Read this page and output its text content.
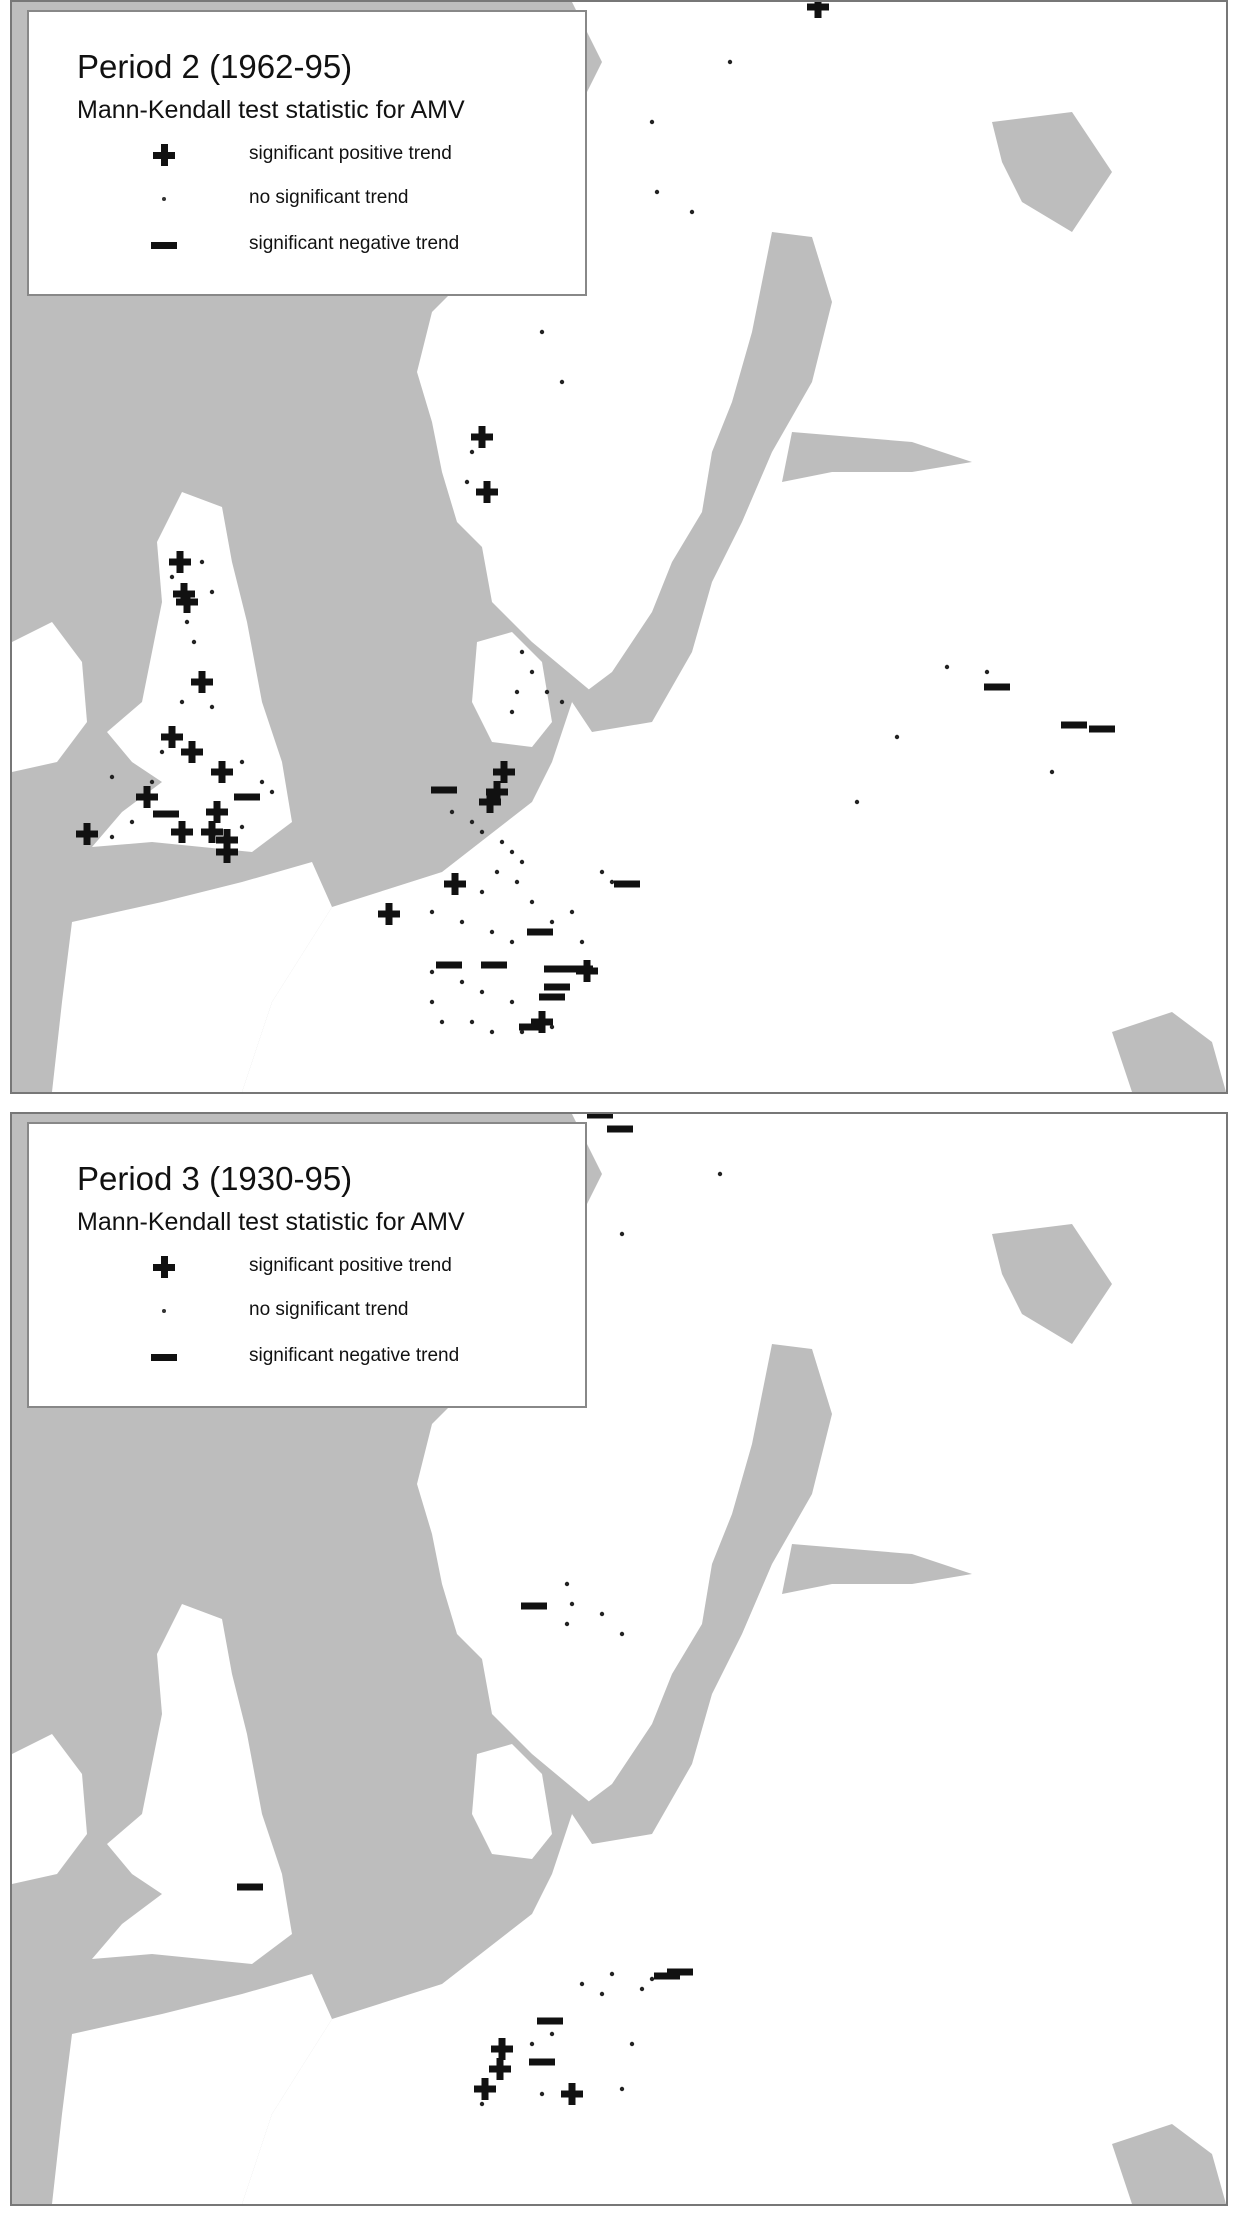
Period 2 (1962-95)
Mann-Kendall test statistic for AMV
significant positive trend
no significant trend
significant negative trend
Period 3 (1930-95)
Mann-Kendall test statistic for AMV
significant positive trend
no significant trend
significant negative trend
